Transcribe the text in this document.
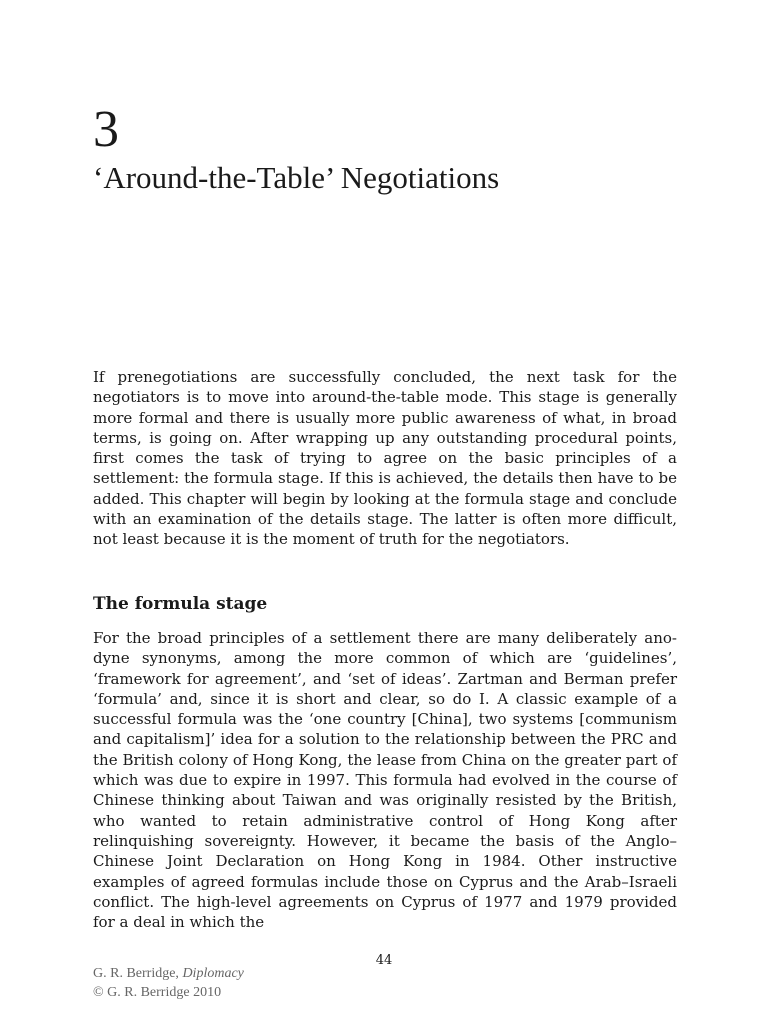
3
‘Around-the-Table’ Negotiations

If prenegotiations are successfully concluded, the next task for the negotiators is to move into around-the-table mode. This stage is generally more formal and there is usually more public awareness of what, in broad terms, is going on. After wrapping up any outstanding procedural points, first comes the task of trying to agree on the basic principles of a settlement: the formula stage. If this is achieved, the details then have to be added. This chapter will begin by looking at the formula stage and conclude with an examination of the details stage. The latter is often more difficult, not least because it is the moment of truth for the negotiators.

The formula stage

For the broad principles of a settlement there are many deliberately anodyne synonyms, among the more common of which are ‘guidelines’, ‘framework for agreement’, and ‘set of ideas’. Zartman and Berman prefer ‘formula’ and, since it is short and clear, so do I. A classic example of a successful formula was the ‘one country [China], two systems [communism and capitalism]’ idea for a solution to the relationship between the PRC and the British colony of Hong Kong, the lease from China on the greater part of which was due to expire in 1997. This formula had evolved in the course of Chinese thinking about Taiwan and was originally resisted by the British, who wanted to retain administrative control of Hong Kong after relinquishing sovereignty. However, it became the basis of the Anglo–Chinese Joint Declaration on Hong Kong in 1984. Other instructive examples of agreed formulas include those on Cyprus and the Arab–Israeli conflict. The high-level agreements on Cyprus of 1977 and 1979 provided for a deal in which the

44
G. R. Berridge, Diplomacy
© G. R. Berridge 2010
